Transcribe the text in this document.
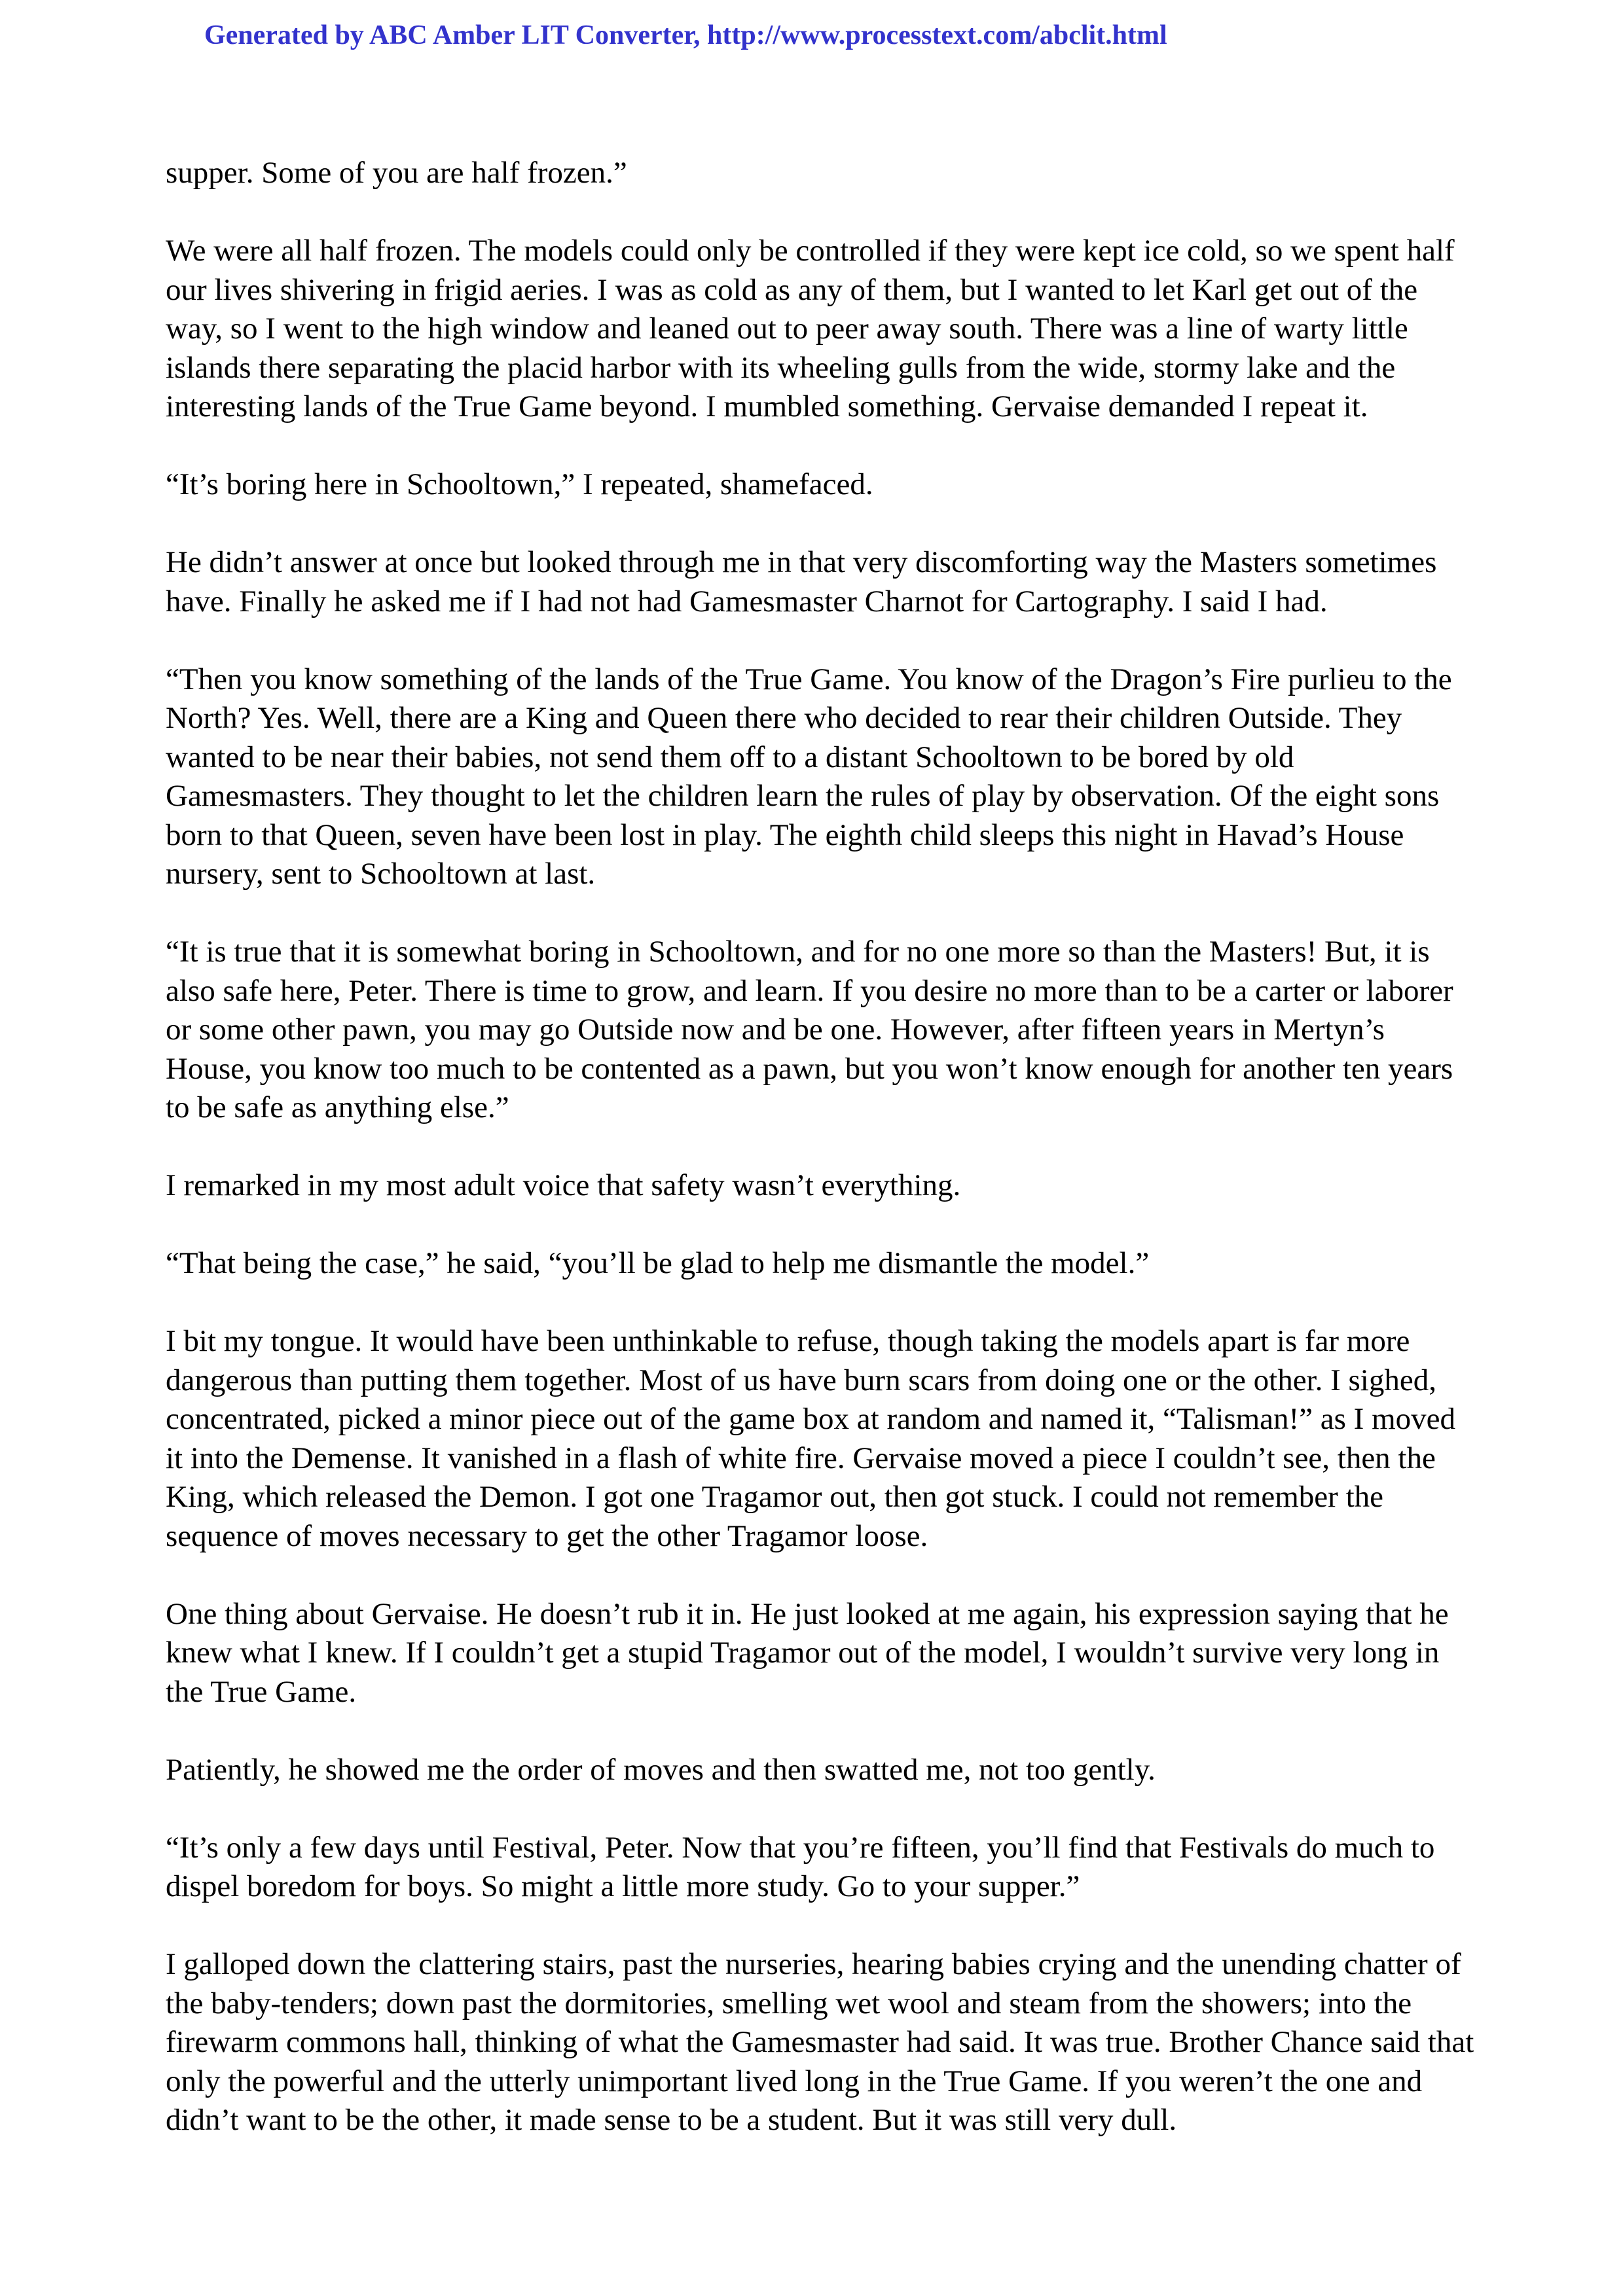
Generated by ABC Amber LIT Converter, http://www.processtext.com/abclit.html

supper. Some of you are half frozen.”

We were all half frozen. The models could only be controlled if they were kept ice cold, so we spent half our lives shivering in frigid aeries. I was as cold as any of them, but I wanted to let Karl get out of the way, so I went to the high window and leaned out to peer away south. There was a line of warty little islands there separating the placid harbor with its wheeling gulls from the wide, stormy lake and the interesting lands of the True Game beyond. I mumbled something. Gervaise demanded I repeat it.

“It’s boring here in Schooltown,” I repeated, shamefaced.

He didn’t answer at once but looked through me in that very discomforting way the Masters sometimes have. Finally he asked me if I had not had Gamesmaster Charnot for Cartography. I said I had.

“Then you know something of the lands of the True Game. You know of the Dragon’s Fire purlieu to the North? Yes. Well, there are a King and Queen there who decided to rear their children Outside. They wanted to be near their babies, not send them off to a distant Schooltown to be bored by old Gamesmasters. They thought to let the children learn the rules of play by observation. Of the eight sons born to that Queen, seven have been lost in play. The eighth child sleeps this night in Havad’s House nursery, sent to Schooltown at last.

“It is true that it is somewhat boring in Schooltown, and for no one more so than the Masters! But, it is also safe here, Peter. There is time to grow, and learn. If you desire no more than to be a carter or laborer or some other pawn, you may go Outside now and be one. However, after fifteen years in Mertyn’s House, you know too much to be contented as a pawn, but you won’t know enough for another ten years to be safe as anything else.”

I remarked in my most adult voice that safety wasn’t everything.

“That being the case,” he said, “you’ll be glad to help me dismantle the model.”

I bit my tongue. It would have been unthinkable to refuse, though taking the models apart is far more dangerous than putting them together. Most of us have burn scars from doing one or the other. I sighed, concentrated, picked a minor piece out of the game box at random and named it, “Talisman!” as I moved it into the Demense. It vanished in a flash of white fire. Gervaise moved a piece I couldn’t see, then the King, which released the Demon. I got one Tragamor out, then got stuck. I could not remember the sequence of moves necessary to get the other Tragamor loose.

One thing about Gervaise. He doesn’t rub it in. He just looked at me again, his expression saying that he knew what I knew. If I couldn’t get a stupid Tragamor out of the model, I wouldn’t survive very long in the True Game.

Patiently, he showed me the order of moves and then swatted me, not too gently.

“It’s only a few days until Festival, Peter. Now that you’re fifteen, you’ll find that Festivals do much to dispel boredom for boys. So might a little more study. Go to your supper.”

I galloped down the clattering stairs, past the nurseries, hearing babies crying and the unending chatter of the baby-tenders; down past the dormitories, smelling wet wool and steam from the showers; into the firewarm commons hall, thinking of what the Gamesmaster had said. It was true. Brother Chance said that only the powerful and the utterly unimportant lived long in the True Game. If you weren’t the one and didn’t want to be the other, it made sense to be a student. But it was still very dull.
